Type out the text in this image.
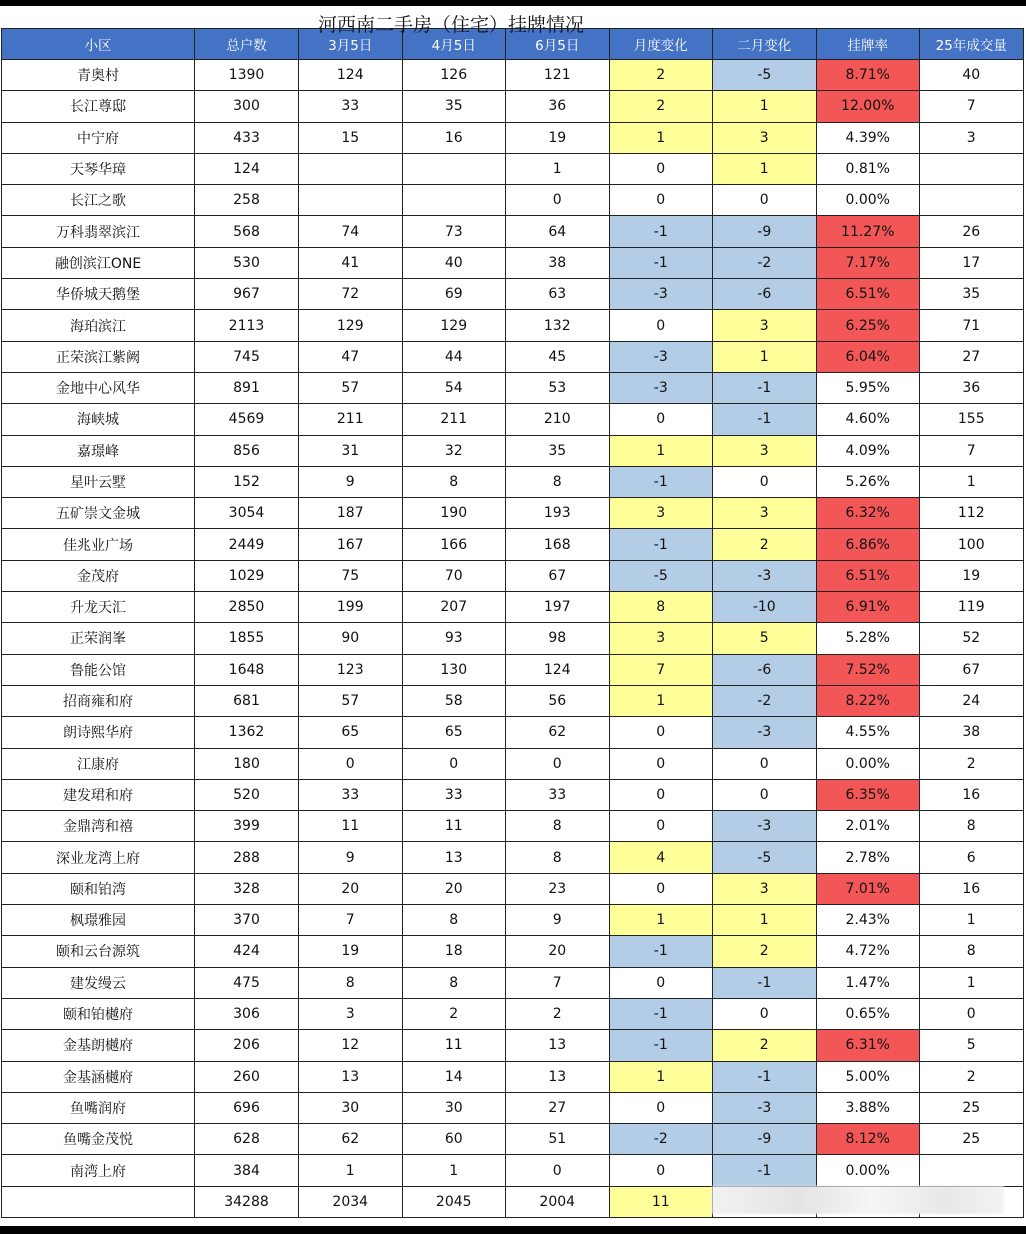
河西南二手房（住宅）挂牌情况
小区	总户数	3月5日	4月5日	6月5日	月度变化	二月变化	挂牌率	25年成交量
青奥村	1390	124	126	121	2	-5	8.71%	40
长江尊邸	300	33	35	36	2	1	12.00%	7
中宁府	433	15	16	19	1	3	4.39%	3
天琴华璋	124			1	0	1	0.81%	
长江之歌	258			0	0	0	0.00%	
万科翡翠滨江	568	74	73	64	-1	-9	11.27%	26
融创滨江ONE	530	41	40	38	-1	-2	7.17%	17
华侨城天鹅堡	967	72	69	63	-3	-6	6.51%	35
海珀滨江	2113	129	129	132	0	3	6.25%	71
正荣滨江紫阙	745	47	44	45	-3	1	6.04%	27
金地中心风华	891	57	54	53	-3	-1	5.95%	36
海峡城	4569	211	211	210	0	-1	4.60%	155
嘉璟峰	856	31	32	35	1	3	4.09%	7
星叶云墅	152	9	8	8	-1	0	5.26%	1
五矿崇文金城	3054	187	190	193	3	3	6.32%	112
佳兆业广场	2449	167	166	168	-1	2	6.86%	100
金茂府	1029	75	70	67	-5	-3	6.51%	19
升龙天汇	2850	199	207	197	8	-10	6.91%	119
正荣润峯	1855	90	93	98	3	5	5.28%	52
鲁能公馆	1648	123	130	124	7	-6	7.52%	67
招商雍和府	681	57	58	56	1	-2	8.22%	24
朗诗熙华府	1362	65	65	62	0	-3	4.55%	38
江康府	180	0	0	0	0	0	0.00%	2
建发珺和府	520	33	33	33	0	0	6.35%	16
金鼎湾和禧	399	11	11	8	0	-3	2.01%	8
深业龙湾上府	288	9	13	8	4	-5	2.78%	6
颐和铂湾	328	20	20	23	0	3	7.01%	16
枫璟雅园	370	7	8	9	1	1	2.43%	1
颐和云台源筑	424	19	18	20	-1	2	4.72%	8
建发缦云	475	8	8	7	0	-1	1.47%	1
颐和铂樾府	306	3	2	2	-1	0	0.65%	0
金基朗樾府	206	12	11	13	-1	2	6.31%	5
金基涵樾府	260	13	14	13	1	-1	5.00%	2
鱼嘴润府	696	30	30	27	0	-3	3.88%	25
鱼嘴金茂悦	628	62	60	51	-2	-9	8.12%	25
南湾上府	384	1	1	0	0	-1	0.00%	
	34288	2034	2045	2004	11			
